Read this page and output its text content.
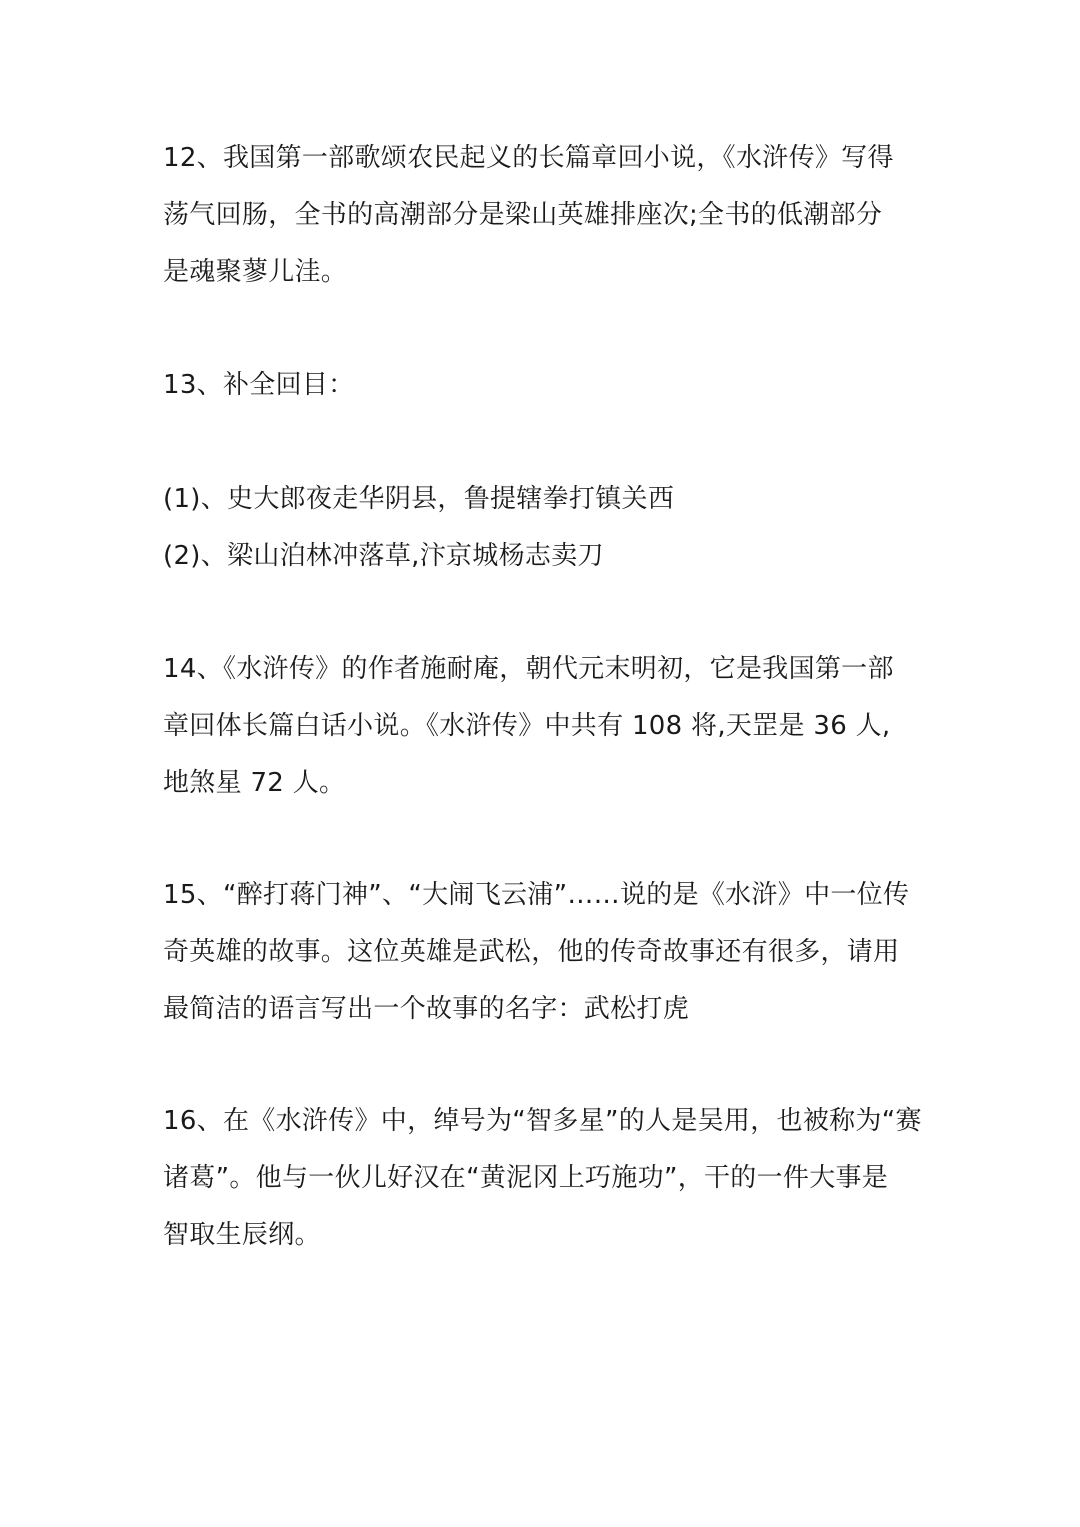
12、我国第一部歌颂农民起义的长篇章回小说，《水浒传》写得
荡气回肠，全书的高潮部分是梁山英雄排座次;全书的低潮部分
是魂聚蓼儿洼。
13、补全回目：
(1)、史大郎夜走华阴县，鲁提辖拳打镇关西
(2)、梁山泊林冲落草,汴京城杨志卖刀
14、《水浒传》的作者施耐庵，朝代元末明初，它是我国第一部
章回体长篇白话小说。《水浒传》中共有 108 将,天罡是 36 人,
地煞星 72 人。
15、“醉打蒋门神”、“大闹飞云浦”……说的是《水浒》中一位传
奇英雄的故事。这位英雄是武松，他的传奇故事还有很多，请用
最简洁的语言写出一个故事的名字：武松打虎
16、在《水浒传》中，绰号为“智多星”的人是吴用，也被称为“赛
诸葛”。他与一伙儿好汉在“黄泥冈上巧施功”，干的一件大事是
智取生辰纲。
